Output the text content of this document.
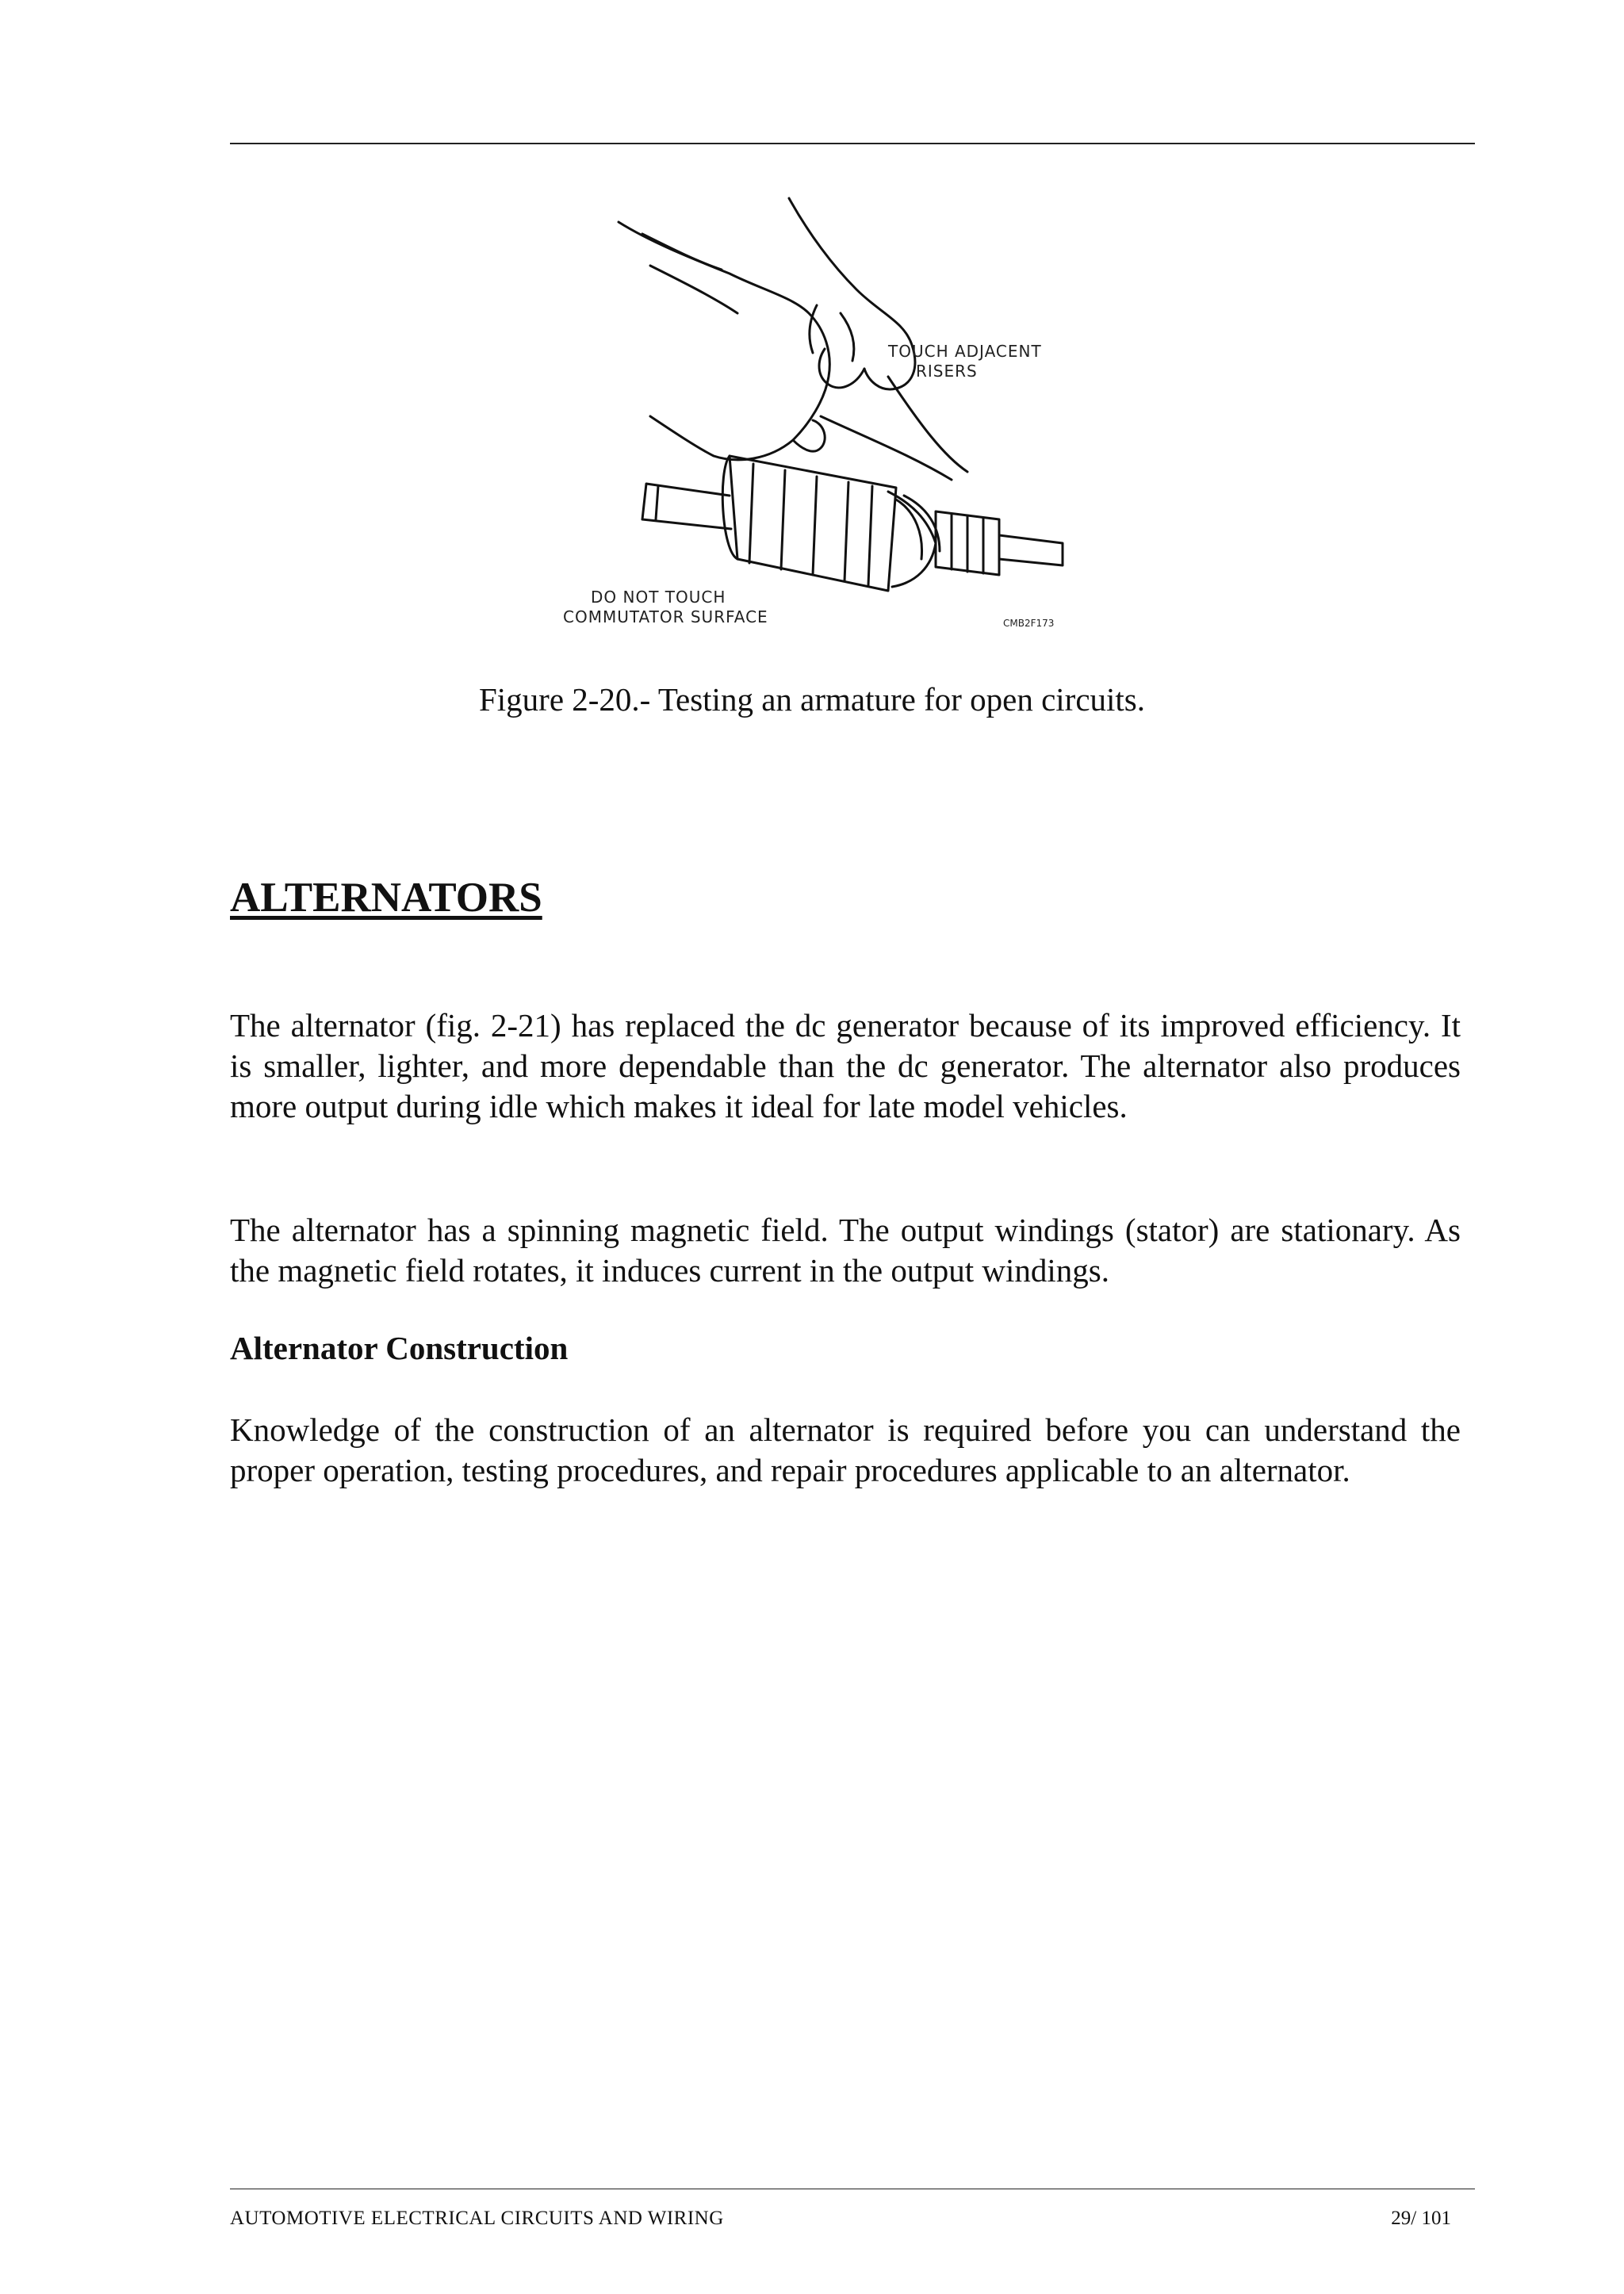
TOUCH ADJACENT
RISERS
DO NOT TOUCH
COMMUTATOR SURFACE	CMB2F173
Figure 2-20.- Testing an armature for open circuits.
ALTERNATORS

The alternator (fig. 2-21) has replaced the dc generator because of its improved efficiency. It is smaller, lighter, and more dependable than the dc generator. The alternator also produces more output during idle which makes it ideal for late model vehicles.

The alternator has a spinning magnetic field. The output windings (stator) are stationary. As the magnetic field rotates, it induces current in the output windings.

Alternator Construction

Knowledge of the construction of an alternator is required before you can understand the proper operation, testing procedures, and repair procedures applicable to an alternator.

AUTOMOTIVE ELECTRICAL CIRCUITS AND WIRING	29/ 101
